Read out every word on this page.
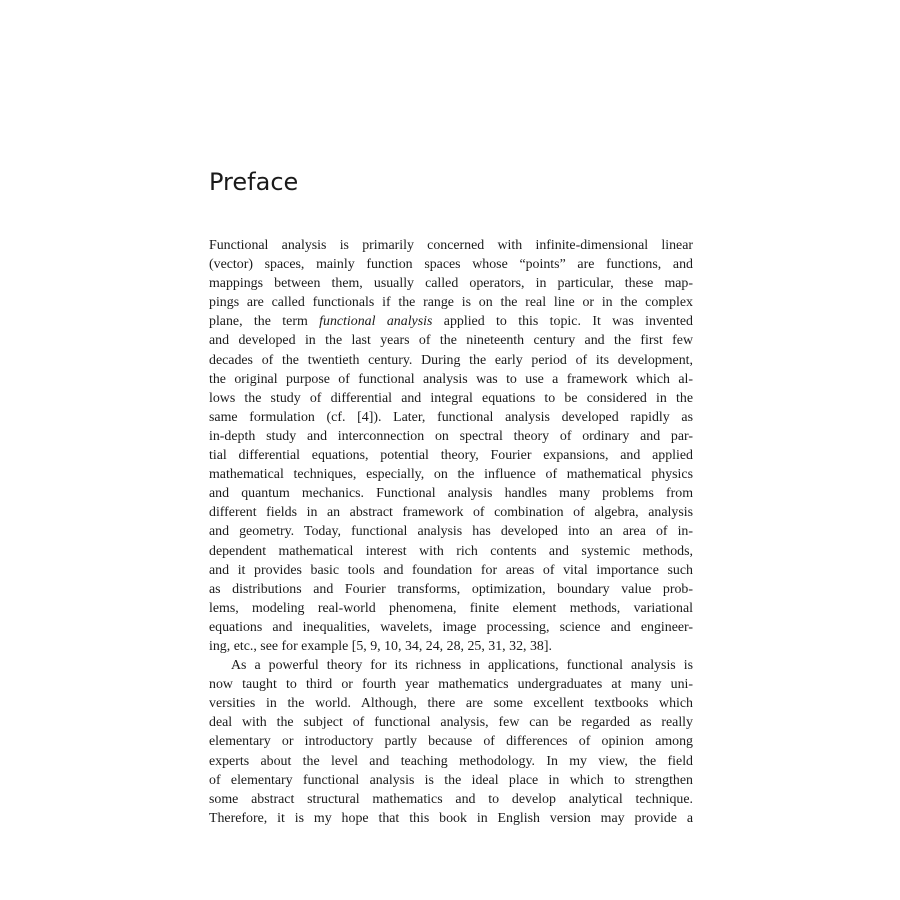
Preface
Functional analysis is primarily concerned with infinite-dimensional linear
(vector) spaces, mainly function spaces whose “points” are functions, and
mappings between them, usually called operators, in particular, these map-
pings are called functionals if the range is on the real line or in the complex
plane, the term functional analysis applied to this topic. It was invented
and developed in the last years of the nineteenth century and the first few
decades of the twentieth century. During the early period of its development,
the original purpose of functional analysis was to use a framework which al-
lows the study of differential and integral equations to be considered in the
same formulation (cf. [4]). Later, functional analysis developed rapidly as
in-depth study and interconnection on spectral theory of ordinary and par-
tial differential equations, potential theory, Fourier expansions, and applied
mathematical techniques, especially, on the influence of mathematical physics
and quantum mechanics. Functional analysis handles many problems from
different fields in an abstract framework of combination of algebra, analysis
and geometry. Today, functional analysis has developed into an area of in-
dependent mathematical interest with rich contents and systemic methods,
and it provides basic tools and foundation for areas of vital importance such
as distributions and Fourier transforms, optimization, boundary value prob-
lems, modeling real-world phenomena, finite element methods, variational
equations and inequalities, wavelets, image processing, science and engineer-
ing, etc., see for example [5, 9, 10, 34, 24, 28, 25, 31, 32, 38].
As a powerful theory for its richness in applications, functional analysis is
now taught to third or fourth year mathematics undergraduates at many uni-
versities in the world. Although, there are some excellent textbooks which
deal with the subject of functional analysis, few can be regarded as really
elementary or introductory partly because of differences of opinion among
experts about the level and teaching methodology. In my view, the field
of elementary functional analysis is the ideal place in which to strengthen
some abstract structural mathematics and to develop analytical technique.
Therefore, it is my hope that this book in English version may provide a
